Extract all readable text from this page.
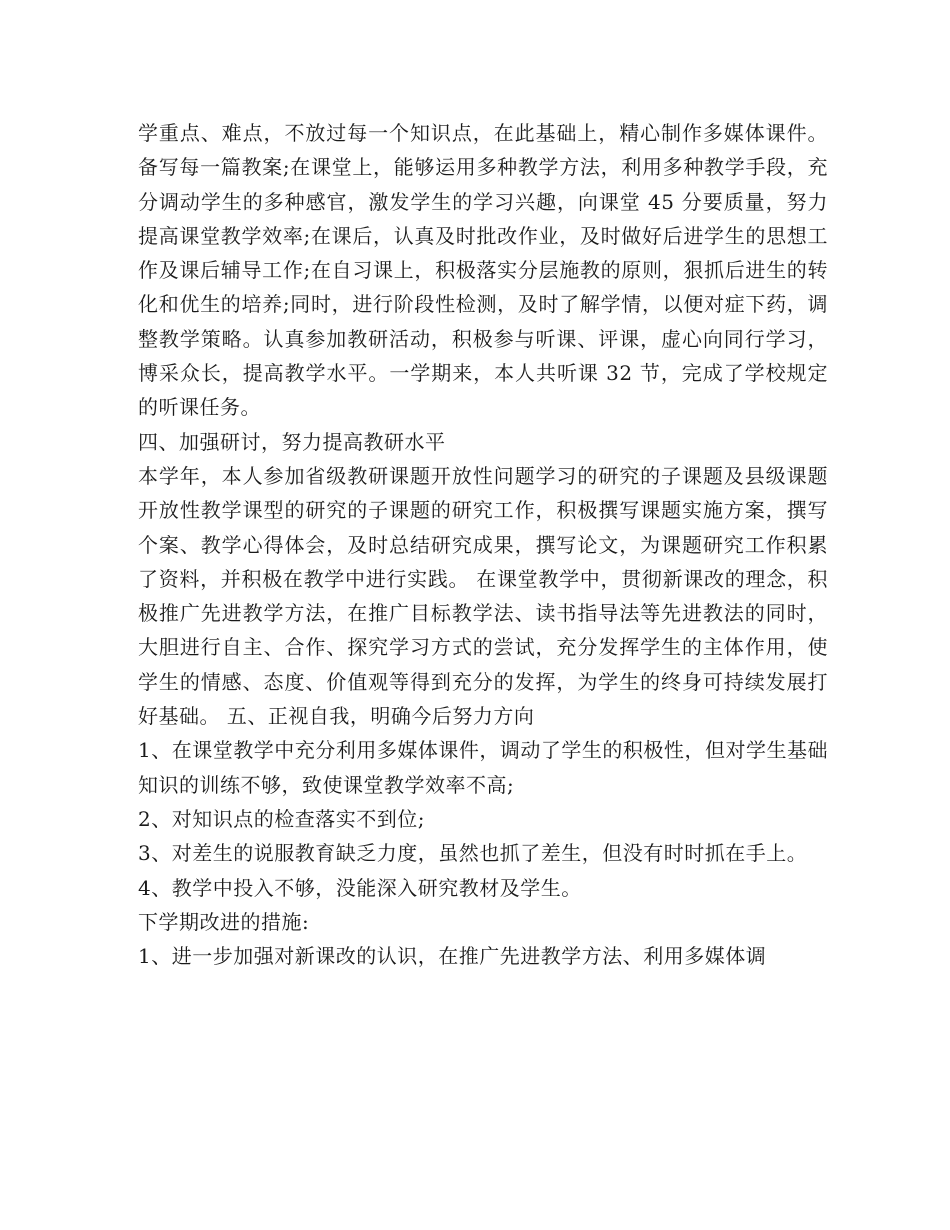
学重点、难点，不放过每一个知识点，在此基础上，精心制作多媒体课件。备写每一篇教案;在课堂上，能够运用多种教学方法，利用多种教学手段，充分调动学生的多种感官，激发学生的学习兴趣，向课堂 45 分要质量，努力提高课堂教学效率;在课后，认真及时批改作业，及时做好后进学生的思想工作及课后辅导工作;在自习课上，积极落实分层施教的原则，狠抓后进生的转化和优生的培养;同时，进行阶段性检测，及时了解学情，以便对症下药，调整教学策略。认真参加教研活动，积极参与听课、评课，虚心向同行学习，博采众长，提高教学水平。一学期来，本人共听课 32 节，完成了学校规定的听课任务。

四、加强研讨，努力提高教研水平

本学年，本人参加省级教研课题开放性问题学习的研究的子课题及县级课题开放性教学课型的研究的子课题的研究工作，积极撰写课题实施方案，撰写个案、教学心得体会，及时总结研究成果，撰写论文，为课题研究工作积累了资料，并积极在教学中进行实践。 在课堂教学中，贯彻新课改的理念，积极推广先进教学方法，在推广目标教学法、读书指导法等先进教法的同时，大胆进行自主、合作、探究学习方式的尝试，充分发挥学生的主体作用，使学生的情感、态度、价值观等得到充分的发挥，为学生的终身可持续发展打好基础。 五、正视自我，明确今后努力方向

1、在课堂教学中充分利用多媒体课件，调动了学生的积极性，但对学生基础知识的训练不够，致使课堂教学效率不高;

2、对知识点的检查落实不到位;

3、对差生的说服教育缺乏力度，虽然也抓了差生，但没有时时抓在手上。

4、教学中投入不够，没能深入研究教材及学生。

下学期改进的措施:

1、进一步加强对新课改的认识，在推广先进教学方法、利用多媒体调
